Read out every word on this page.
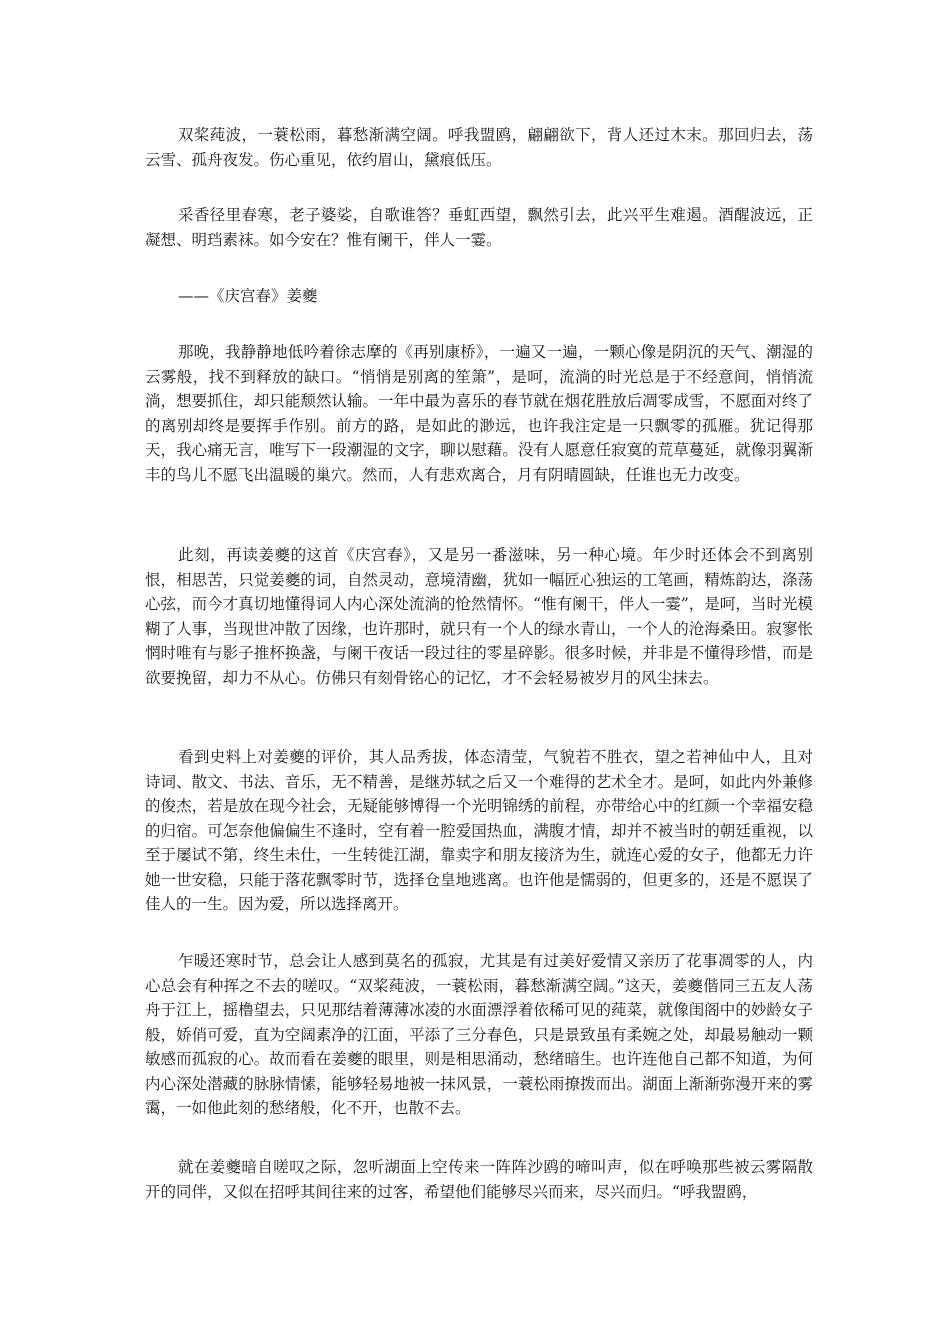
双桨莼波，一蓑松雨，暮愁渐满空阔。呼我盟鸥，翩翩欲下，背人还过木末。那回归去，荡云雪、孤舟夜发。伤心重见，依约眉山，黛痕低压。

采香径里春寒，老子婆娑，自歌谁答？垂虹西望，飘然引去，此兴平生难遏。酒醒波远，正凝想、明珰素袜。如今安在？惟有阑干，伴人一霎。

——《庆宫春》姜夔

那晚，我静静地低吟着徐志摩的《再别康桥》，一遍又一遍，一颗心像是阴沉的天气、潮湿的云雾般，找不到释放的缺口。“悄悄是别离的笙箫”，是呵，流淌的时光总是于不经意间，悄悄流淌，想要抓住，却只能颓然认输。一年中最为喜乐的春节就在烟花胜放后凋零成雪，不愿面对终了的离别却终是要挥手作别。前方的路，是如此的渺远，也许我注定是一只飘零的孤雁。犹记得那天，我心痛无言，唯写下一段潮湿的文字，聊以慰藉。没有人愿意任寂寞的荒草蔓延，就像羽翼渐丰的鸟儿不愿飞出温暖的巢穴。然而，人有悲欢离合，月有阴晴圆缺，任谁也无力改变。

此刻，再读姜夔的这首《庆宫春》，又是另一番滋味，另一种心境。年少时还体会不到离别恨，相思苦，只觉姜夔的词，自然灵动，意境清幽，犹如一幅匠心独运的工笔画，精炼韵达，涤荡心弦，而今才真切地懂得词人内心深处流淌的怆然情怀。“惟有阑干，伴人一霎”，是呵，当时光模糊了人事，当现世冲散了因缘，也许那时，就只有一个人的绿水青山，一个人的沧海桑田。寂寥怅惘时唯有与影子推杯换盏，与阑干夜话一段过往的零星碎影。很多时候，并非是不懂得珍惜，而是欲要挽留，却力不从心。仿佛只有刻骨铭心的记忆，才不会轻易被岁月的风尘抹去。

看到史料上对姜夔的评价，其人品秀拔，体态清莹，气貌若不胜衣，望之若神仙中人，且对诗词、散文、书法、音乐，无不精善，是继苏轼之后又一个难得的艺术全才。是呵，如此内外兼修的俊杰，若是放在现今社会，无疑能够博得一个光明锦绣的前程，亦带给心中的红颜一个幸福安稳的归宿。可怎奈他偏偏生不逢时，空有着一腔爱国热血，满腹才情，却并不被当时的朝廷重视，以至于屡试不第，终生未仕，一生转徙江湖，靠卖字和朋友接济为生，就连心爱的女子，他都无力许她一世安稳，只能于落花飘零时节，选择仓皇地逃离。也许他是懦弱的，但更多的，还是不愿误了佳人的一生。因为爱，所以选择离开。

乍暖还寒时节，总会让人感到莫名的孤寂，尤其是有过美好爱情又亲历了花事凋零的人，内心总会有种挥之不去的嗟叹。“双桨莼波，一蓑松雨，暮愁渐满空阔。”这天，姜夔偕同三五友人荡舟于江上，摇橹望去，只见那结着薄薄冰凌的水面漂浮着依稀可见的莼菜，就像闺阁中的妙龄女子般，娇俏可爱，直为空阔素净的江面，平添了三分春色，只是景致虽有柔婉之处，却最易触动一颗敏感而孤寂的心。故而看在姜夔的眼里，则是相思涌动，愁绪暗生。也许连他自己都不知道，为何内心深处潜藏的脉脉情愫，能够轻易地被一抹风景，一蓑松雨撩拨而出。湖面上渐渐弥漫开来的雾霭，一如他此刻的愁绪般，化不开，也散不去。

就在姜夔暗自嗟叹之际，忽听湖面上空传来一阵阵沙鸥的啼叫声，似在呼唤那些被云雾隔散开的同伴，又似在招呼其间往来的过客，希望他们能够尽兴而来，尽兴而归。“呼我盟鸥，
